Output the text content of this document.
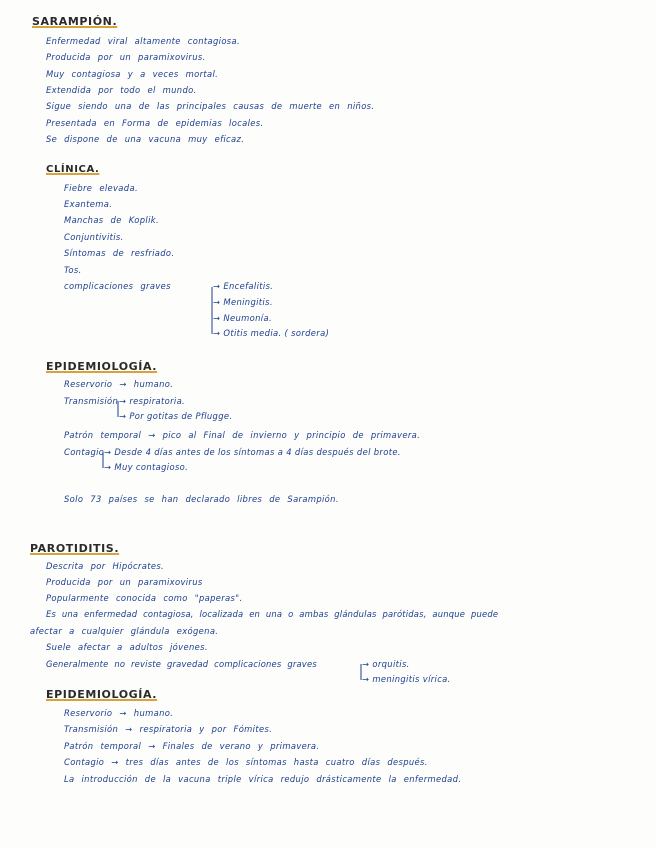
SARAMPIÓN.
Enfermedad viral altamente contagiosa.
Producida por un paramixovirus.
Muy contagiosa y a veces mortal.
Extendida por todo el mundo.
Sigue siendo una de las principales causas de muerte en niños.
Presentada en Forma de epidemias locales.
Se dispone de una vacuna muy eficaz.
CLÍNICA.
Fiebre elevada.
Exantema.
Manchas de Koplik.
Conjuntivitis.
Síntomas de resfriado.
Tos.
complicaciones graves	→ Encefalitis.
→ Meningitis.
→ Neumonía.
→ Otitis media. ( sordera)
EPIDEMIOLOGÍA.
Reservorio → humano.
Transmisión → respiratoria.
→ Por gotitas de Pflugge.
Patrón temporal → pico al Final de invierno y principio de primavera.
Contagio → Desde 4 días antes de los síntomas a 4 días después del brote.
→ Muy contagioso.
Solo 73 países se han declarado libres de Sarampión.
PAROTIDITIS.
Descrita por Hipócrates.
Producida por un paramixovirus
Popularmente conocida como "paperas".
Es una enfermedad contagiosa, localizada en una o ambas glándulas parótidas, aunque puede
afectar a cualquier glándula exógena.
Suele afectar a adultos jóvenes.
Generalmente no reviste gravedad complicaciones graves	→ orquitis.
→ meningitis vírica.
EPIDEMIOLOGÍA.
Reservorio → humano.
Transmisión → respiratoria y por Fómites.
Patrón temporal → Finales de verano y primavera.
Contagio → tres días antes de los síntomas hasta cuatro días después.
La introducción de la vacuna triple vírica redujo drásticamente la enfermedad.
